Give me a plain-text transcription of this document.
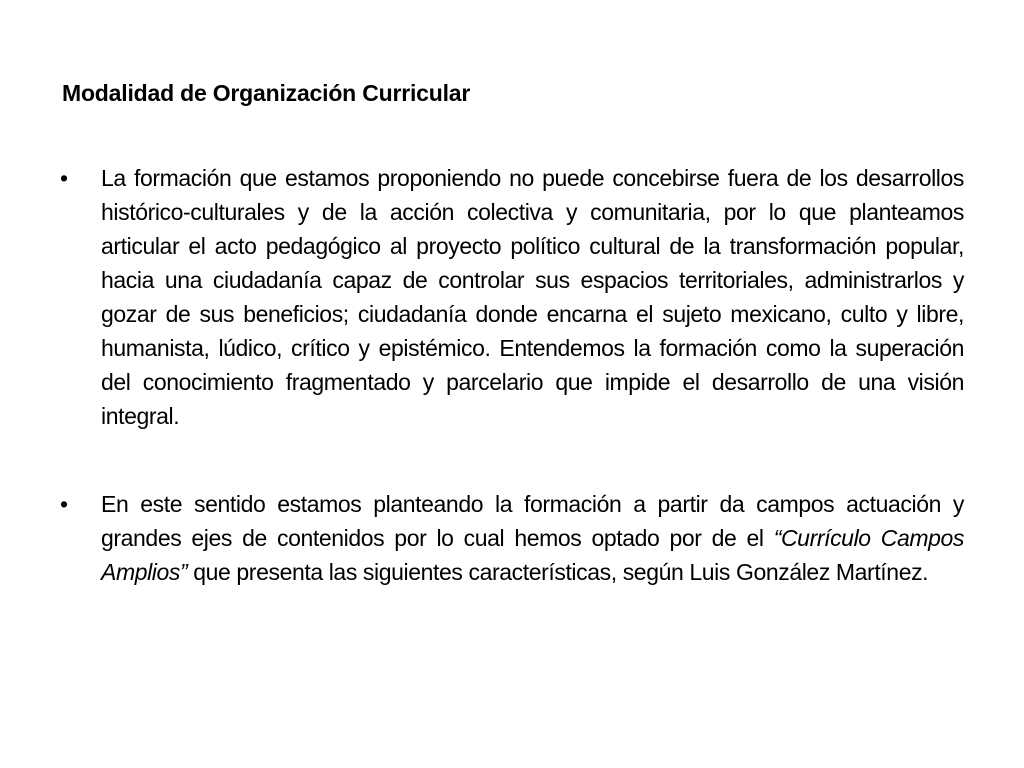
Modalidad de Organización Curricular
• La formación que estamos proponiendo no puede concebirse fuera de los desarrollos histórico-culturales y de la acción colectiva y comunitaria, por lo que planteamos articular el acto pedagógico al proyecto político cultural de la transformación popular, hacia una ciudadanía capaz de controlar sus espacios territoriales, administrarlos y gozar de sus beneficios; ciudadanía donde encarna el sujeto mexicano, culto y libre, humanista, lúdico, crítico y epistémico. Entendemos la formación como la superación del conocimiento fragmentado y parcelario que impide el desarrollo de una visión integral.
• En este sentido estamos planteando la formación a partir da campos actuación y grandes ejes de contenidos por lo cual hemos optado por de el “Currículo Campos Amplios” que presenta las siguientes características, según Luis González Martínez.
